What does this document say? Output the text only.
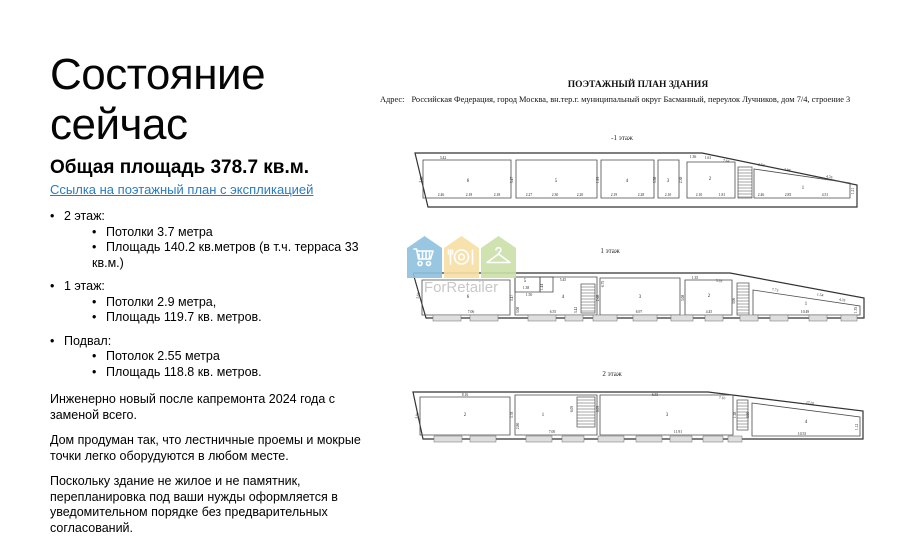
Состояние
сейчас
Общая площадь 378.7 кв.м.
Ссылка на поэтажный план с экспликацией
• 2 этаж:
• Потолки 3.7 метра
• Площадь 140.2 кв.метров (в т.ч. терраса 33 кв.м.)
• 1 этаж:
• Потолки 2.9 метра,
• Площадь 119.7 кв. метров.
• Подвал:
• Потолок 2.55 метра
• Площадь 118.8 кв. метров.

Инженерно новый после капремонта 2024 года с заменой всего.

Дом продуман так, что лестничные проемы и мокрые точки легко оборудуются в любом месте.

Поскольку здание не жилое и не памятник, перепланировка под ваши нужды оформляется в уведомительном порядке без предварительных согласований.

ПОЭТАЖНЫЙ ПЛАН ЗДАНИЯ
Адрес: Российская Федерация, город Москва, вн.тер.г. муниципальный округ Басманный, переулок Лучников, дом 7/4, строение 3
-1 этаж
1 этаж
2 этаж
3.42
3.88	6
2.46	2.18	2.18
3.47	5
2.27	2.30	2.20
1.93	4
2.19	2.28
3.58 3
2.10
2.38	2
1.36 1.61
7.64
2.10	1.81
2.50
2.88
4.76
1
2.46	2.85	4.51
1.21
3.65	6
7.06
3.47
5
1.38
1.50
1.44
3.08
5.45
4
6.55	3.42
2.68
6.75
3
6.97
3.08
1.35
2
3.33
4.45
3.06
1
7.73
1.54
4.35
10.49	1.35
3.91
8.16
2	3.78
2.80
1
7.00
6.05	6.05
6.55
3
11.91
7.16
1.38 4.00
4
17.02
10.53
1.12
ForRetailer
